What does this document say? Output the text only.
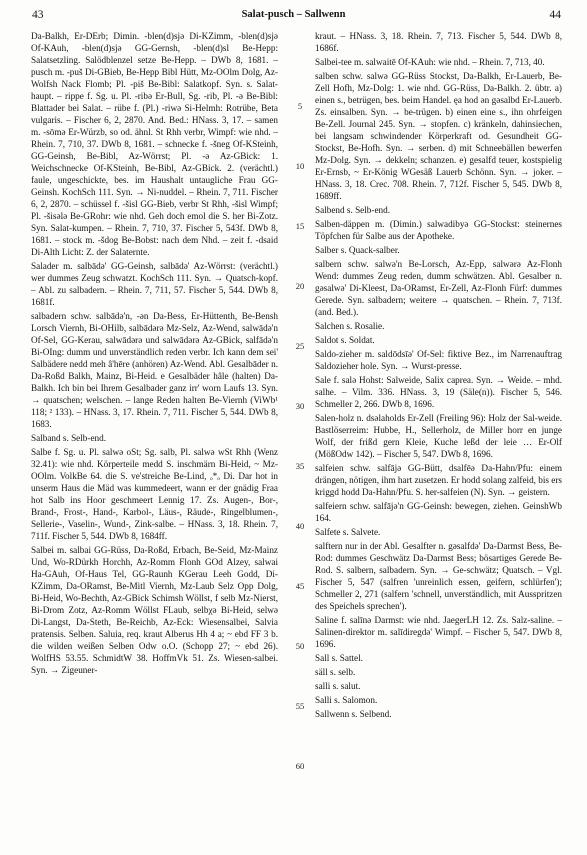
43	Salat-pusch – Sallwenn	44

Da-Balkh, Er-DErb; Dimin. -blen(d)sjə Di-KZimm, -blen(d)sjə Of-KAuh, -blen(d)sjə GG-Gernsh, -blen(d)sl Be-Hepp: Salatsetzling. Salödblenzel setze Be-Hepp. – DWb 8, 1681. – pusch m. -puš Di-GBieb, Be-Hepp Bibl Hütt, Mz-OOlm Dolg, Az-Wolfsh Nack Flomb; Pl. -piš Be-Bibl: Salatkopf. Syn. s. Salat-haupt. – rippe f. Sg. u. Pl. -ribə Er-Bull, Sg. -rib, Pl. -ə Be-Bibl: Blattader bei Salat. – rübe f. (Pl.) -riwə Si-Helmh: Rotrübe, Beta vulgaris. – Fischer 6, 2, 2870. And. Bed.: HNass. 3, 17. – samen m. -sōmə Er-Würzb, so od. ähnl. St Rhh verbr, Wimpf: wie nhd. – Rhein. 7, 710, 37. DWb 8, 1681. – schnecke f. -šneg Of-KSteinh, GG-Geinsh, Be-Bibl, Az-Wörrst; Pl. -ə Az-GBick: 1. Weichschnecke Of-KSteinh, Be-Bibl, Az-GBick. 2. (verächtl.) faule, ungeschickte, bes. im Haushalt untaugliche Frau GG-Geinsh. KochSch 111. Syn. → Ni-nuddel. – Rhein. 7, 711. Fischer 6, 2, 2870. – schüssel f. -šisl GG-Bieb, verbr St Rhh, -šisl Wimpf; Pl. -šisələ Be-GRohr: wie nhd. Geh doch emol die S. her Bi-Zotz. Syn. Salat-kumpen. – Rhein. 7, 710, 37. Fischer 5, 543f. DWb 8, 1681. – stock m. -šdog Be-Bobst: nach dem Nhd. – zeit f. -dsaid Di-Alth Licht: Z. der Salaternte.

Salader m. salbādə' GG-Geinsh, salbādə' Az-Wörrst: (verächtl.) wer dummes Zeug schwatzt. KochSch 111. Syn. → Quatsch-kopf. – Abl. zu salbadern. – Rhein. 7, 711, 57. Fischer 5, 544. DWb 8, 1681f.

salbadern schw. salbādə'n, -ən Da-Bess, Er-Hüttenth, Be-Bensh Lorsch Viernh, Bi-OHilb, salbādərə Mz-Selz, Az-Wend, salwādə'n Of-Sel, GG-Kerau, salwādərə und salwādərə Az-GBick, salfādə'n Bi-OIng: dumm und unverständlich reden verbr. Ich kann dem sei' Salbädere nedd meh â'hēre (anhören) Az-Wend. Abl. Gesalbāder n. Da-Roßd Balkh, Mainz, Bi-Heid. e Gesalbäder hâle (halten) Da-Balkh. Ich bin bei Ihrem Gesalbader ganz irr' worn Laufs 13. Syn. → quatschen; welschen. – lange Reden halten Be-Viernh (ViWb¹ 118; ² 133). – HNass. 3, 17. Rhein. 7, 711. Fischer 5, 544. DWb 8, 1683.

Salband s. Selb-end.

Salbe f. Sg. u. Pl. salwə oSt; Sg. salb, Pl. salwə wSt Rhh (Wenz 32.41): wie nhd. Körperteile medd S. inschmärn Bi-Heid, ~ Mz-OOlm. VolkBe 64. die S. ve'streiche Be-Lind, ₒ*ₒ Di. Dar hot in unserm Haus die Mäd was kummedeert, wann er der gnädig Fraa hot Salb ins Hoor geschmeert Lennig 17. Zs. Augen-, Bor-, Brand-, Frost-, Hand-, Karbol-, Läus-, Räude-, Ringelblumen-, Sellerie-, Vaselin-, Wund-, Zink-salbe. – HNass. 3, 18. Rhein. 7, 711f. Fischer 5, 544. DWb 8, 1684ff.

Salbei m. salbai GG-Rüss, Da-Roßd, Erbach, Be-Seid, Mz-Mainz Und, Wo-RDürkh Horchh, Az-Romm Flonh GOd Alzey, salwai Ha-GAuh, Of-Haus Tel, GG-Raunh KGerau Leeh Godd, Di-KZimm, Da-ORamst, Be-Mitl Viernh, Mz-Laub Selz Opp Dolg, Bi-Heid, Wo-Bechth, Az-GBick Schimsh Wöllst, f selb Mz-Nierst, Bi-Drom Zotz, Az-Romm Wöllst FLaub, selbχə Bi-Heid, selwə Di-Langst, Da-Steth, Be-Reichb, Az-Eck: Wiesensalbei, Salvia pratensis. Selben. Saluia, req. kraut Alberus Hh 4 a; ~ ebd FF 3 b. die wilden weißen Selben Odw o.O. (Schopp 27; ~ ebd 26). WolfHS 53.55. SchmidtW 38. HoffmVk 51. Zs. Wiesen-salbei. Syn. → Zigeuner-

5
10
15
20
25
30
35
40
45
50
55
60

kraut. – HNass. 3, 18. Rhein. 7, 713. Fischer 5, 544. DWb 8, 1686f.

Salbei-tee m. salwaitē Of-KAuh: wie nhd. – Rhein. 7, 713, 40.

salben schw. salwə GG-Rüss Stockst, Da-Balkh, Er-Lauerb, Be-Zell Hofh, Mz-Dolg: 1. wie nhd. GG-Rüss, Da-Balkh. 2. übtr. a) einen s., betrügen, bes. beim Handel. ęa hod ən gəsalbd Er-Lauerb. Zs. einsalben. Syn. → be-trügen. b) einen eine s., ihn ohrfeigen Be-Zell. Journal 245. Syn. → stopfen. c) kränkeln, dahinsiechen, bei langsam schwindender Körperkraft od. Gesundheit GG-Stockst, Be-Hofh. Syn. → serben. d) mit Schneebällen bewerfen Mz-Dolg. Syn. → dekkeln; schanzen. e) gesalfd teuer, kostspielig Er-Ernsb, ~ Er-König WGesäß Lauerb Schönn. Syn. → joker. – HNass. 3, 18. Crec. 708. Rhein. 7, 712f. Fischer 5, 545. DWb 8, 1689ff.

Salbend s. Selb-end.

Salben-däppen m. (Dimin.) salwadibyə GG-Stockst: steinernes Töpfchen für Salbe aus der Apotheke.

Salber s. Quack-salber.

salbern schw. salwə'n Be-Lorsch, Az-Epp, salwərə Az-Flonh Wend: dummes Zeug reden, dumm schwätzen. Abl. Gesalber n. gəsalwə' Di-Kleest, Da-ORamst, Er-Zell, Az-Flonh Fürf: dummes Gerede. Syn. salbadern; weitere → quatschen. – Rhein. 7, 713f. (and. Bed.).

Salchen s. Rosalie.

Saldot s. Soldat.

Saldo-zieher m. saldōdsīə' Of-Sel: fiktive Bez., im Narrenauftrag Saldozieher hole. Syn. → Wurst-presse.

Sale f. salə Hohst: Salweide, Salix caprea. Syn. → Weide. – mhd. salhe. – Vilm. 336. HNass. 3, 19 (Säle(n)). Fischer 5, 546. Schmeller 2, 266. DWb 8, 1696.

Salen-holz n. dsəlaholds Er-Zell (Freiling 96): Holz der Sal-weide. Bastlöserreim: Hubbe, H., Sellerholz, de Miller horr en junge Wolf, der frißd gern Kleie, Kuche leßd der leie … Er-Olf (MößOdw 142). – Fischer 5, 547. DWb 8, 1696.

salfeien schw. salfājə GG-Bütt, dsalfēə Da-Hahn/Pfu: einem drängen, nötigen, ihm hart zusetzen. Er hodd solang zalfeid, bis ers kriggd hodd Da-Hahn/Pfu. S. her-salfeien (N). Syn. → geistern.

salfeiern schw. salfājə'n GG-Geinsh: bewegen, ziehen. GeinshWb 164.

Salfete s. Salvete.

salftern nur in der Abl. Gesalfter n. gəsalfdə' Da-Darmst Bess, Be-Rod: dummes Geschwätz Da-Darmst Bess; bösartiges Gerede Be-Rod. S. salbern, salbadern. Syn. → Ge-schwätz; Quatsch. – Vgl. Fischer 5, 547 (salfren 'unreinlich essen, geifern, schlürfen'); Schmeller 2, 271 (salfern 'schnell, unverständlich, mit Ausspritzen des Speichels sprechen').

Saline f. salīnə Darmst: wie nhd. JaegerLH 12. Zs. Salz-saline. – Salinen-direktor m. salīdiregdə' Wimpf. – Fischer 5, 547. DWb 8, 1696.

Sall s. Sattel.

säll s. selb.

salli s. salut.

Salli s. Salomon.

Sallwenn s. Selbend.
